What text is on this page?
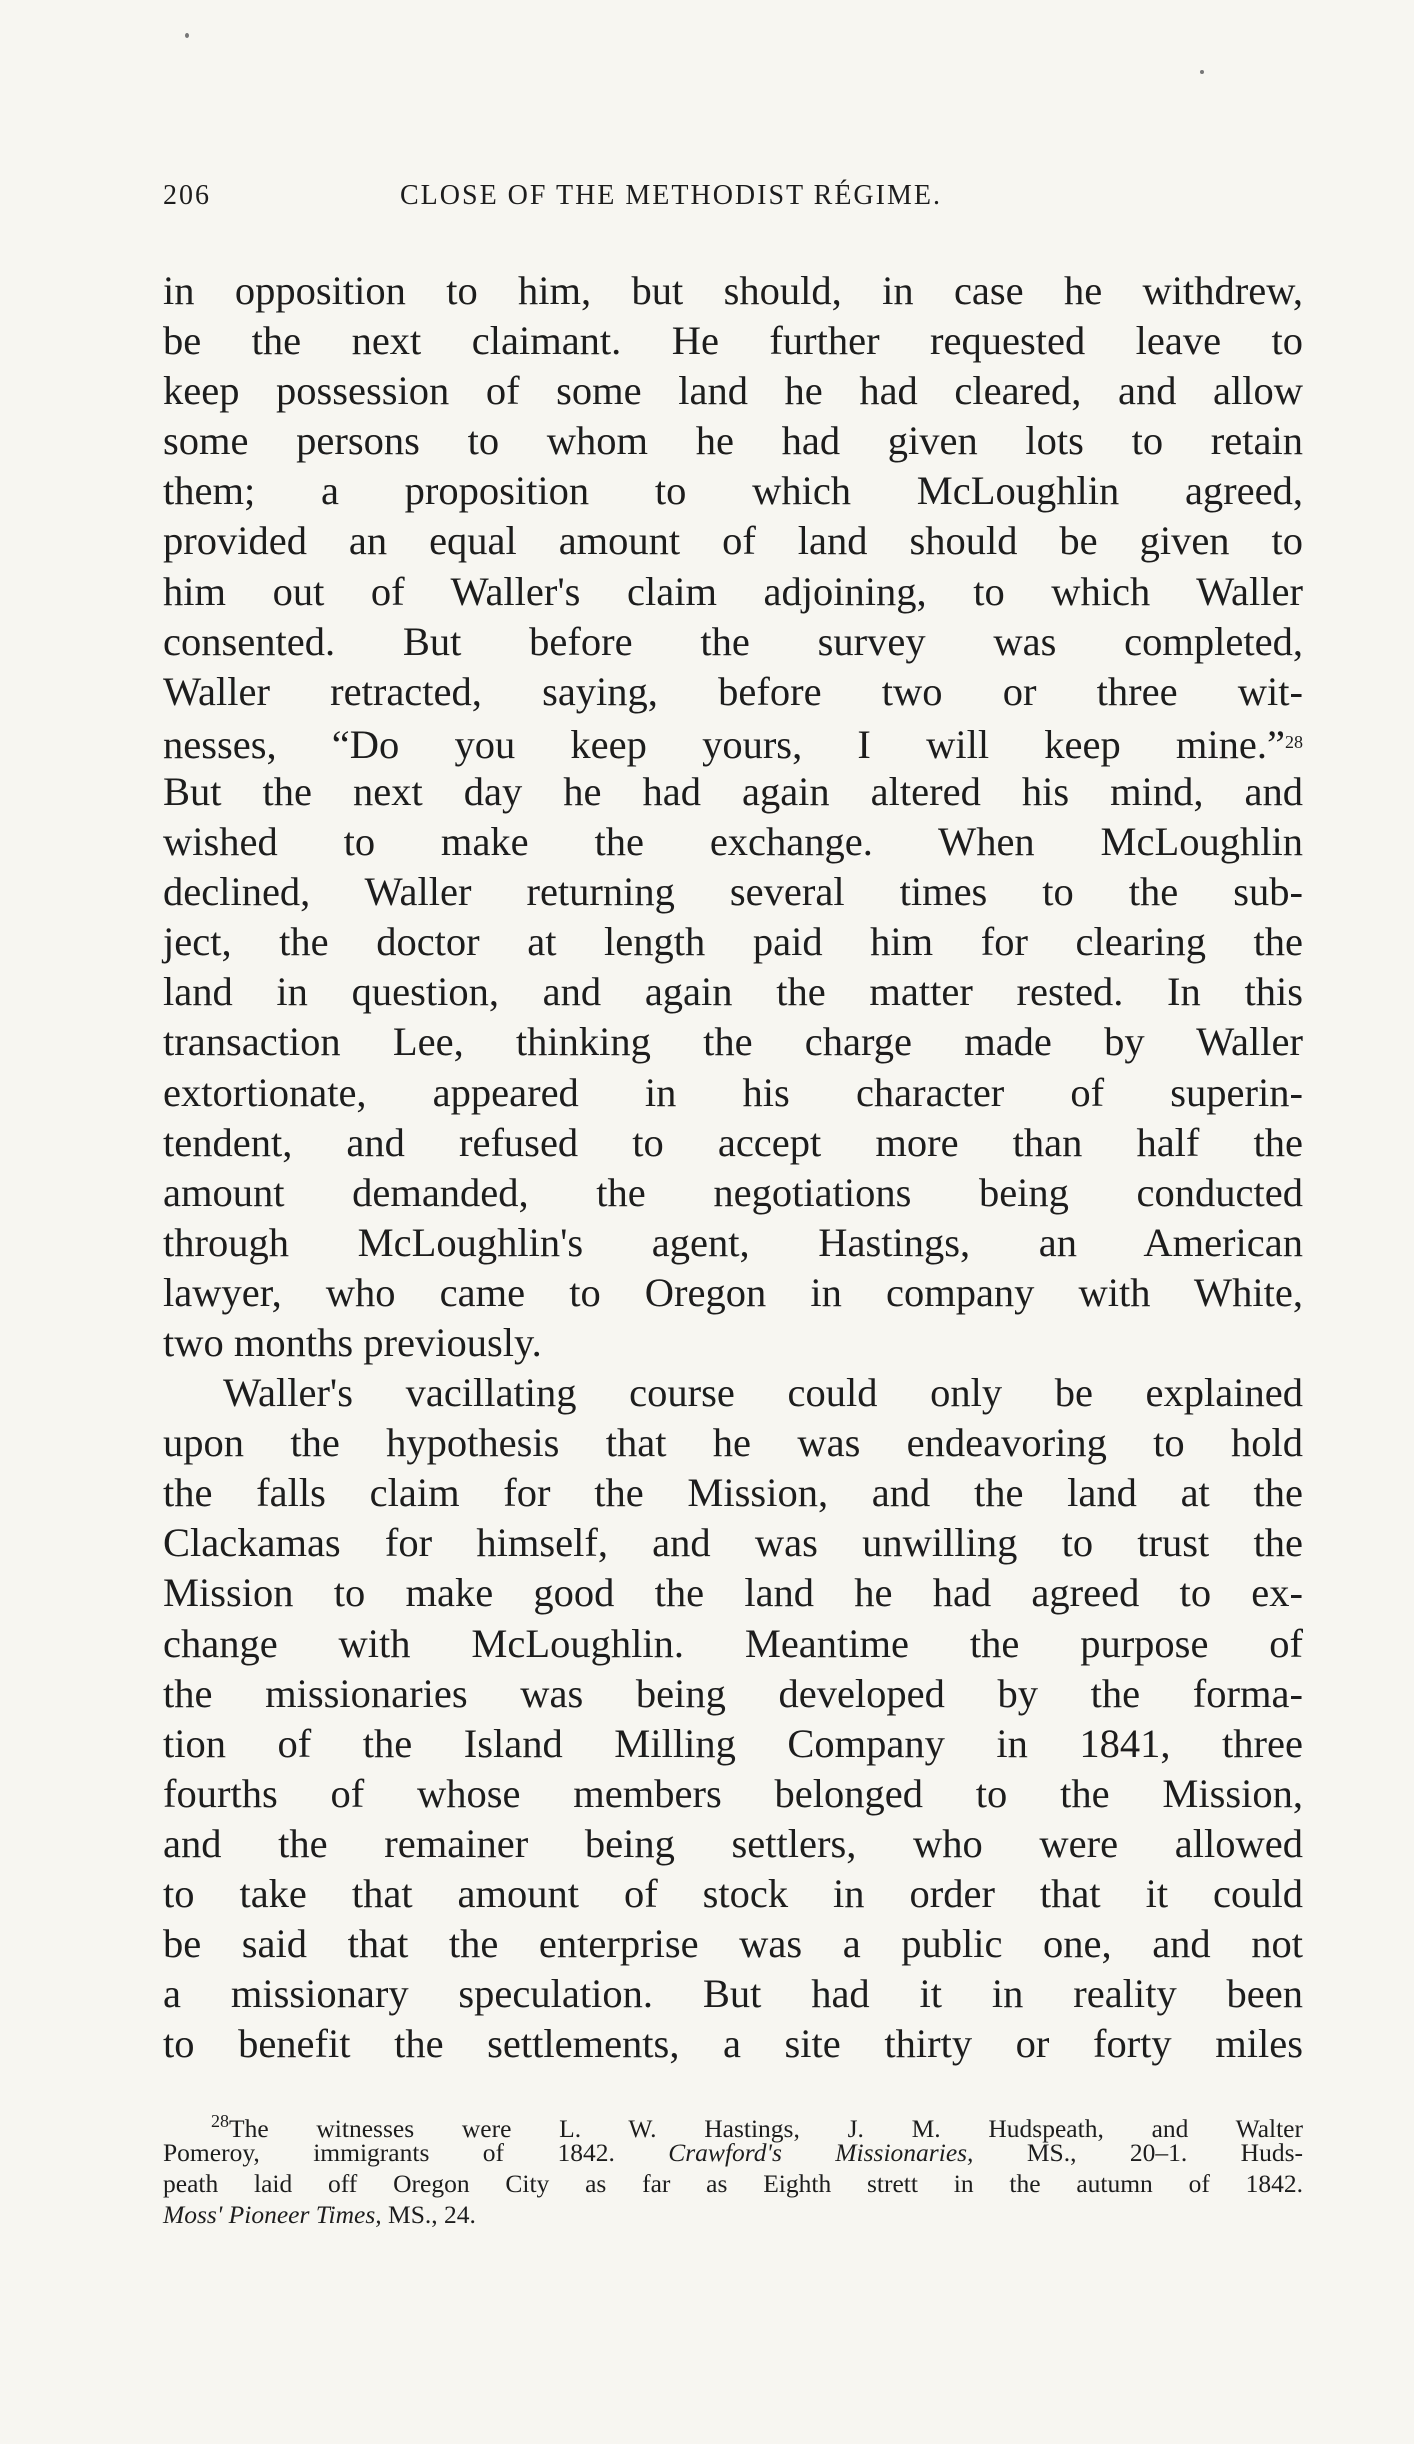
206	CLOSE OF THE METHODIST RÉGIME.
in opposition to him, but should, in case he withdrew,
be the next claimant. He further requested leave to
keep possession of some land he had cleared, and allow
some persons to whom he had given lots to retain
them; a proposition to which McLoughlin agreed,
provided an equal amount of land should be given to
him out of Waller's claim adjoining, to which Waller
consented. But before the survey was completed,
Waller retracted, saying, before two or three wit-
nesses, “Do you keep yours, I will keep mine.”$^{28}$
But the next day he had again altered his mind, and
wished to make the exchange. When McLoughlin
declined, Waller returning several times to the sub-
ject, the doctor at length paid him for clearing the
land in question, and again the matter rested. In this
transaction Lee, thinking the charge made by Waller
extortionate, appeared in his character of superin-
tendent, and refused to accept more than half the
amount demanded, the negotiations being conducted
through McLoughlin's agent, Hastings, an American
lawyer, who came to Oregon in company with White,
two months previously.
Waller's vacillating course could only be explained
upon the hypothesis that he was endeavoring to hold
the falls claim for the Mission, and the land at the
Clackamas for himself, and was unwilling to trust the
Mission to make good the land he had agreed to ex-
change with McLoughlin. Meantime the purpose of
the missionaries was being developed by the forma-
tion of the Island Milling Company in 1841, three
fourths of whose members belonged to the Mission,
and the remainer being settlers, who were allowed
to take that amount of stock in order that it could
be said that the enterprise was a public one, and not
a missionary speculation. But had it in reality been
to benefit the settlements, a site thirty or forty miles
$^{28}$The witnesses were L. W. Hastings, J. M. Hudspeath, and Walter
Pomeroy, immigrants of 1842. Crawford's Missionaries, MS., 20–1. Huds-
peath laid off Oregon City as far as Eighth strett in the autumn of 1842.
Moss' Pioneer Times, MS., 24.
